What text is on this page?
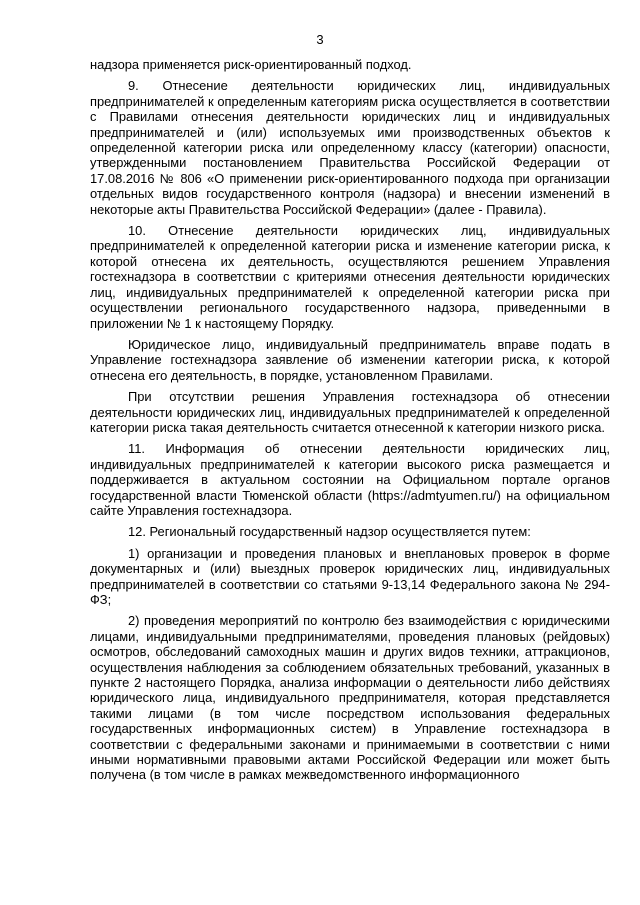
3

надзора применяется риск-ориентированный подход.

9. Отнесение деятельности юридических лиц, индивидуальных предпринимателей к определенным категориям риска осуществляется в соответствии с Правилами отнесения деятельности юридических лиц и индивидуальных предпринимателей и (или) используемых ими производственных объектов к определенной категории риска или определенному классу (категории) опасности, утвержденными постановлением Правительства Российской Федерации от 17.08.2016 № 806 «О применении риск-ориентированного подхода при организации отдельных видов государственного контроля (надзора) и внесении изменений в некоторые акты Правительства Российской Федерации» (далее - Правила).

10. Отнесение деятельности юридических лиц, индивидуальных предпринимателей к определенной категории риска и изменение категории риска, к которой отнесена их деятельность, осуществляются решением Управления гостехнадзора в соответствии с критериями отнесения деятельности юридических лиц, индивидуальных предпринимателей к определенной категории риска при осуществлении регионального государственного надзора, приведенными в приложении № 1 к настоящему Порядку.

Юридическое лицо, индивидуальный предприниматель вправе подать в Управление гостехнадзора заявление об изменении категории риска, к которой отнесена его деятельность, в порядке, установленном Правилами.

При отсутствии решения Управления гостехнадзора об отнесении деятельности юридических лиц, индивидуальных предпринимателей к определенной категории риска такая деятельность считается отнесенной к категории низкого риска.

11. Информация об отнесении деятельности юридических лиц, индивидуальных предпринимателей к категории высокого риска размещается и поддерживается в актуальном состоянии на Официальном портале органов государственной власти Тюменской области (https://admtyumen.ru/) на официальном сайте Управления гостехнадзора.

12. Региональный государственный надзор осуществляется путем:

1) организации и проведения плановых и внеплановых проверок в форме документарных и (или) выездных проверок юридических лиц, индивидуальных предпринимателей в соответствии со статьями 9-13,14 Федерального закона № 294-ФЗ;

2) проведения мероприятий по контролю без взаимодействия с юридическими лицами, индивидуальными предпринимателями, проведения плановых (рейдовых) осмотров, обследований самоходных машин и других видов техники, аттракционов, осуществления наблюдения за соблюдением обязательных требований, указанных в пункте 2 настоящего Порядка, анализа информации о деятельности либо действиях юридического лица, индивидуального предпринимателя, которая представляется такими лицами (в том числе посредством использования федеральных государственных информационных систем) в Управление гостехнадзора в соответствии с федеральными законами и принимаемыми в соответствии с ними иными нормативными правовыми актами Российской Федерации или может быть получена (в том числе в рамках межведомственного информационного
